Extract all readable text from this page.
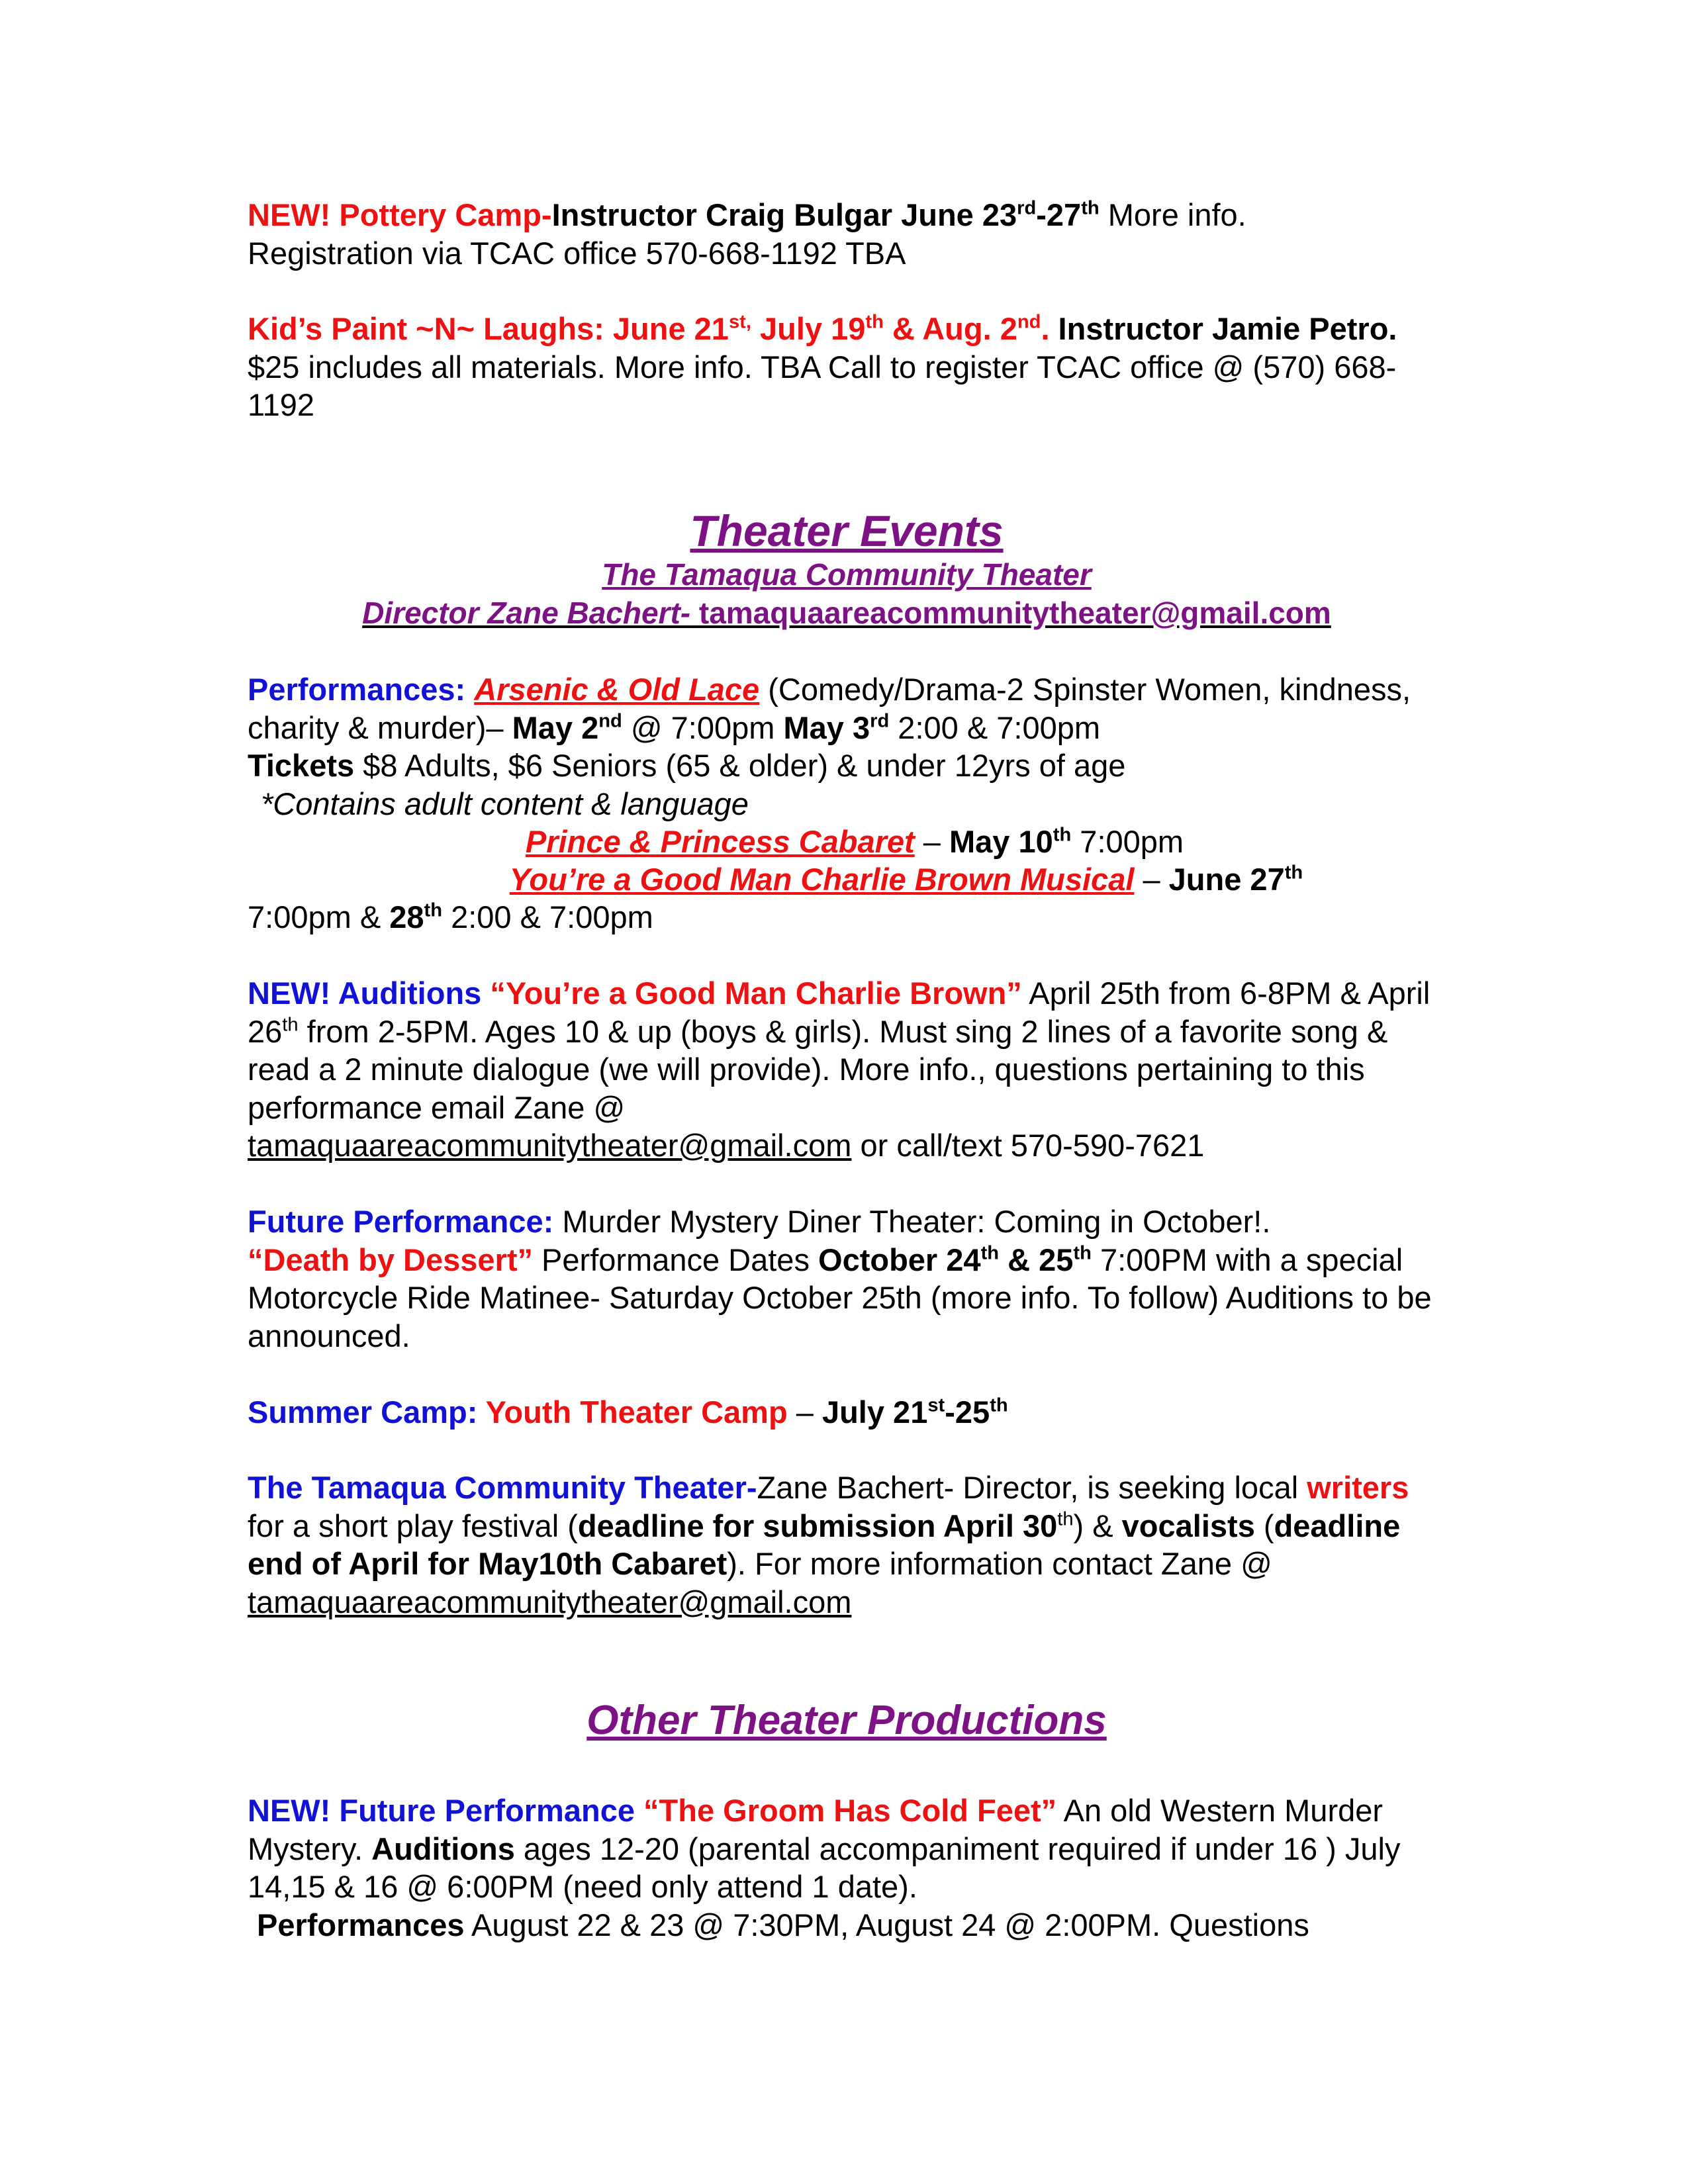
NEW! Pottery Camp-Instructor Craig Bulgar June 23rd-27th More info.
Registration via TCAC office 570-668-1192 TBA

Kid’s Paint ~N~ Laughs: June $21^{st,}$ July 19th & Aug. 2nd. Instructor Jamie Petro. $25 includes all materials. More info. TBA Call to register TCAC office @ (570) 668-1192

Theater Events

The Tamaqua Community Theater

Director Zane Bachert- tamaquaareacommunitytheater@gmail.com

Performances: Arsenic & Old Lace (Comedy/Drama-2 Spinster Women, kindness, charity & murder)– May 2nd @ 7:00pm May 3rd 2:00 & 7:00pm
Tickets $8 Adults, $6 Seniors (65 & older) & under 12yrs of age
*Contains adult content & language

Prince & Princess Cabaret – May 10th 7:00pm

You’re a Good Man Charlie Brown Musical – June 27th

7:00pm & 28th 2:00 & 7:00pm

NEW! Auditions “You’re a Good Man Charlie Brown” April 25th from 6-8PM & April 26th from 2-5PM. Ages 10 & up (boys & girls). Must sing 2 lines of a favorite song & read a 2 minute dialogue (we will provide). More info., questions pertaining to this performance email Zane @
tamaquaareacommunitytheater@gmail.com or call/text 570-590-7621

Future Performance: Murder Mystery Diner Theater: Coming in October!.
“Death by Dessert” Performance Dates October 24th & 25th 7:00PM with a special Motorcycle Ride Matinee- Saturday October 25th (more info. To follow) Auditions to be announced.

Summer Camp: Youth Theater Camp – July 21st-25th

The Tamaqua Community Theater-Zane Bachert- Director, is seeking local writers for a short play festival (deadline for submission April 30th) & vocalists (deadline end of April for May10th Cabaret). For more information contact Zane @ tamaquaareacommunitytheater@gmail.com

Other Theater Productions

NEW! Future Performance “The Groom Has Cold Feet” An old Western Murder Mystery. Auditions ages 12-20 (parental accompaniment required if under 16 ) July 14,15 & 16 @ 6:00PM (need only attend 1 date).
Performances August 22 & 23 @ 7:30PM, August 24 @ 2:00PM. Questions
